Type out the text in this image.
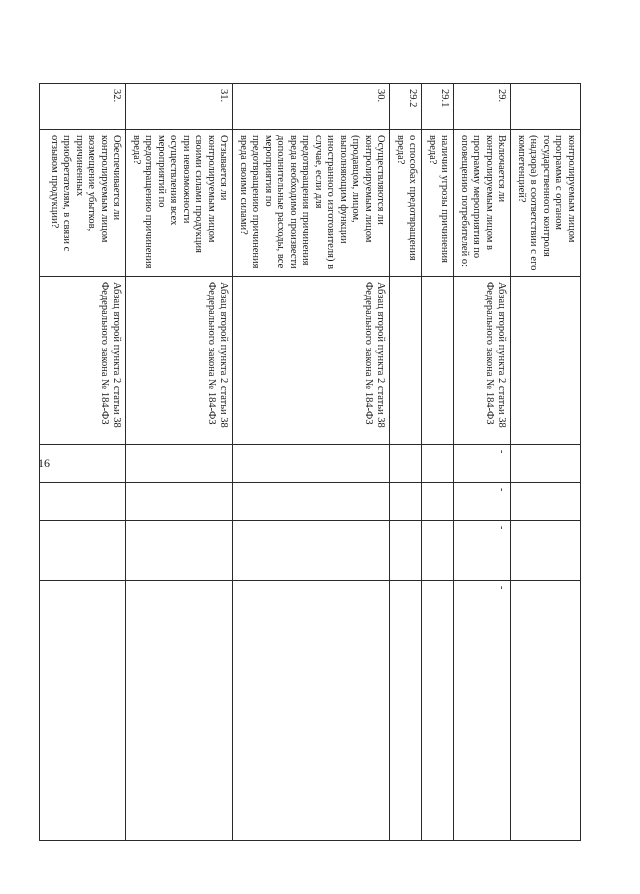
16
	контролируемым лицом программа с органом государственного контроля (надзора) в соответствии с его компетенцией?					
29.	Включается ли контролируемым лицом в программу мероприятия по оповещению потребителей о:	Абзац второй пункта 2 статьи 38 Федерального закона № 184-ФЗ	-	-	-	-
29.1	наличии угрозы причинения вреда?					
29.2	о способах предотвращения вреда?					
30.	Осуществляются ли контролируемым лицом (продавцом, лицом, выполняющим функции иностранного изготовителя) в случае, если для предотвращения причинения вреда необходимо произвести дополнительные расходы, все мероприятия по предотвращению причинения вреда своими силами?	Абзац второй пункта 2 статьи 38 Федерального закона № 184-ФЗ				
31.	Отзывается ли контролируемым лицом своими силами продукция при невозможности осуществления всех мероприятий по предотвращению причинения вреда?	Абзац второй пункта 2 статьи 38 Федерального закона № 184-ФЗ				
32.	Обеспечивается ли контролируемым лицом возмещение убытков, причиненных приобретателям, в связи с отзывом продукции?	Абзац второй пункта 2 статьи 38 Федерального закона № 184-ФЗ				
